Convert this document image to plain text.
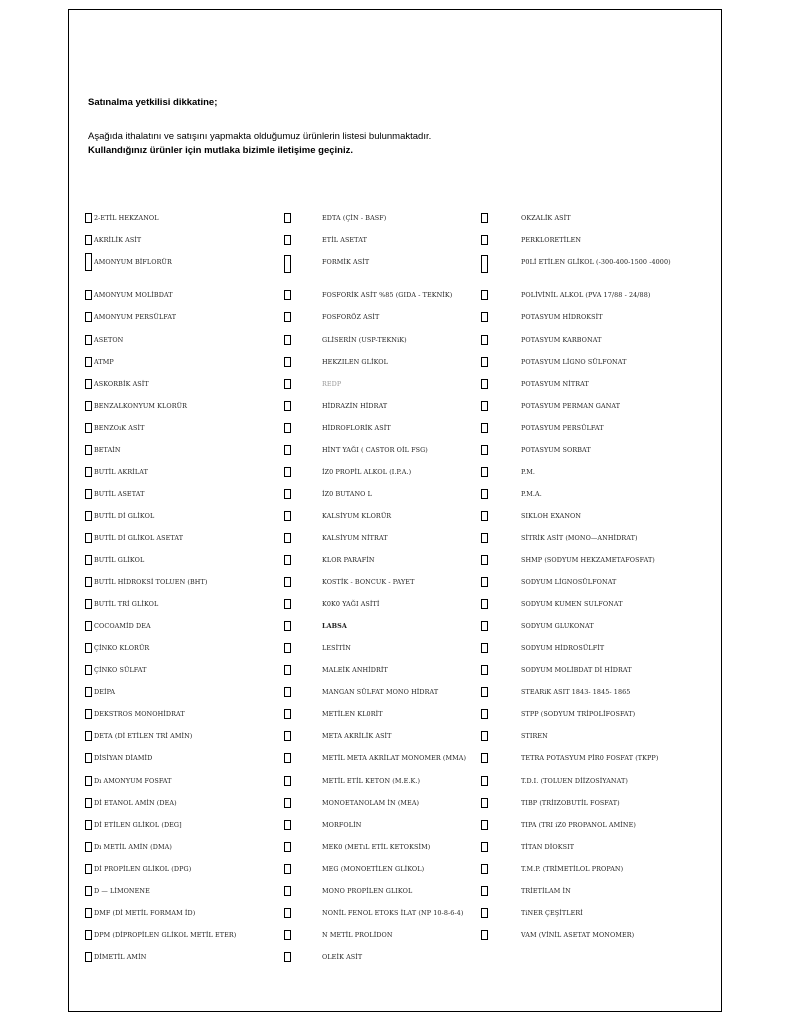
Satınalma yetkilisi dikkatine;
Aşağıda ithalatını ve satışını yapmakta olduğumuz ürünlerin listesi bulunmaktadır.
Kullandığınız ürünler için mutlaka bizimle iletişime geçiniz.
2-ETİL HEKZANOL
AKRİLİK ASİT
AMONYUM BİFLORÜR
AMONYUM MOLİBDAT
AMONYUM PERSÜLFAT
ASETON
ATMP
ASKORBİK ASİT
BENZALKONYUM KLORÜR
BENZOıK ASİT
BETAİN
BUTİL AKRİLAT
BUTİL ASETAT
BUTİL Dİ GLİKOL
BUTİL Dİ GLİKOL ASETAT
BUTİL GLİKOL
BUTİL HİDROKSİ TOLUEN (BHT)
BUTİL TRİ GLİKOL
COCOAMİD DEA
ÇİNKO KLORÜR
ÇİNKO SÜLFAT
DEİPA
DEKSTROS MONOHİDRAT
DETA (Dİ ETİLEN TRİ AMİN)
DİSİYAN DİAMİD
Dı AMONYUM FOSFAT
Dİ ETANOL AMİN (DEA)
Dİ ETİLEN GLİKOL (DEG]
Dı METİL AMİN (DMA)
Dİ PROPİLEN GLİKOL (DPG)
D — LİMONENE
DMF (Dİ METİL FORMAM İD)
DPM (DİPROPİLEN GLİKOL METİL ETER)
DİMETİL AMİN
EDTA (ÇİN - BASF)
ETİL ASETAT
FORMİK ASİT
FOSFORİK ASİT %85 (GIDA - TEKNİK)
FOSFORÖZ ASİT
GLİSERİN (USP-TEKNiK)
HEKZILEN GLİKOL
REDP
HİDRAZİN HİDRAT
HİDROFLORİK ASİT
HİNT YAĞI ( CASTOR OİL FSG)
İZ0 PROPİL ALKOL (I.P.A.)
İZ0 BUTANO L
KALSİYUM KLORÜR
KALSİYUM NİTRAT
KLOR PARAFİN
KOSTİK - BONCUK - PAYET
K0K0 YAĞI ASİTİ
LABSA
LESİTİN
MALEİK ANHİDRİT
MANGAN SÜLFAT MONO HİDRAT
METİLEN KL0RİT
META AKRİLİK ASİT
METİL META AKRİLAT MONOMER (MMA)
METİL ETİL KETON (M.E.K.)
MONOETANOLAM İN (MEA)
MORFOLİN
MEK0 (METıL ETİL KETOKSİM)
MEG (MONOETİLEN GLİKOL)
MONO PROPİLEN GLIKOL
NONİL FENOL ETOKS İLAT (NP 10-8-6-4)
N METİL PROLİDON
OLEİK ASİT
OKZALİK ASİT
PERKLORETİLEN
P0Lİ ETİLEN GLİKOL (-300-400-1500 -4000)
POLİVİNİL ALKOL (PVA 17/88 - 24/88)
POTASYUM HİDROKSİT
POTASYUM KARBONAT
POTASYUM LİGNO SÜLFONAT
POTASYUM NİTRAT
POTASYUM PERMAN GANAT
POTASYUM PERSÜLFAT
POTASYUM SORBAT
P.M.
P.M.A.
SIKLOH EXANON
SİTRİK ASİT (MONO—ANHİDRAT)
SHMP (SODYUM HEKZAMETAFOSFAT)
SODYUM LİGNOSÜLFONAT
SODYUM KUMEN SULFONAT
SODYUM GLUKONAT
SODYUM HİDROSÜLFİT
SODYUM MOLİBDAT Dİ HİDRAT
STEARiK ASIT 1843- 1845- 1865
STPP (SODYUM TRİPOLİFOSFAT)
STIREN
TETRA POTASYUM PİR0 FOSFAT (TKPP)
T.D.I. (TOLUEN DİİZOSİYANAT)
TIBP (TRİIZOBUTİL FOSFAT)
TIPA (TRI iZ0 PROPANOL AMİNE)
TİTAN DİOKSIT
T.M.P. (TRİMETİLOL PROPAN)
TRİETİLAM İN
TiNER ÇEŞİTLERİ
VAM (VİNİL ASETAT MONOMER)
